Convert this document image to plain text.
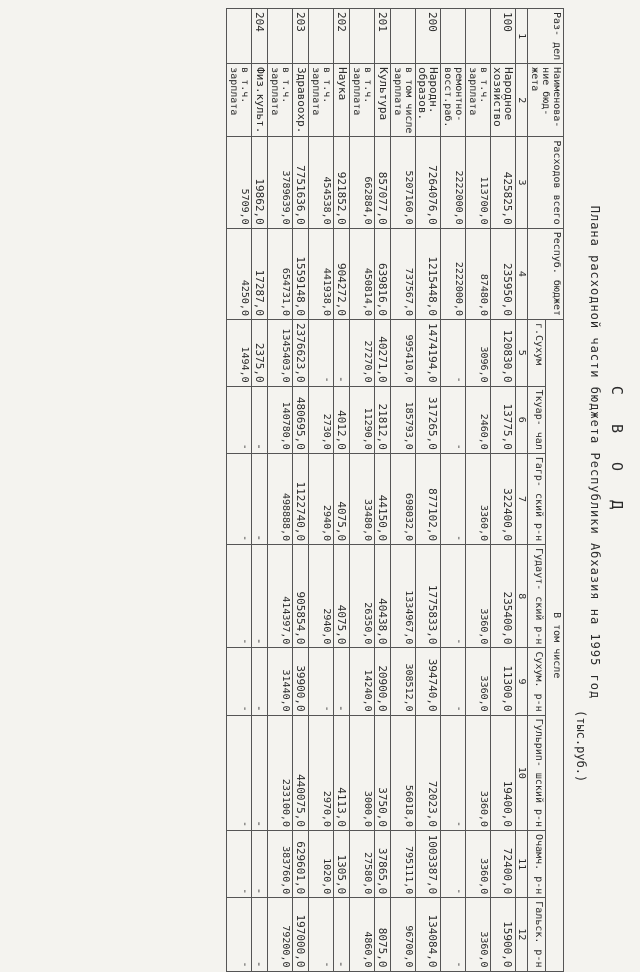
С В О Д
Плана расходной части бюджета Республики Абхазия на 1995 год
(тыс.руб.)
Раз- дел	Наименова- ние бюд- жета	Расходов всего	Респуб. бюджет	В том числе							
				г.Сухум	Ткуар- чал	Гагр- ский р-н	Гудаут- ский р-н	Сухум. р-н	Гульрип- шский р-н	Очамч. р-н	Гальск. р-н
1	2	3	4	5	6	7	8	9	10	11	12
100	Народное хозяйство	425825,0	235950,0	120830,0	13775,0	322400,0	235400,0	11300,0	19400,0	72400,0	15900,0
	в т.ч. зарплата	113700,0	87480,0	3096,0	2460,0	3360,0	3360,0	3360,0	3360,0	3360,0	3360,0
	ремонтно- восст.раб.	2222000,0	2222000,0	-	-	-	-	-	-	-	-
200	Народн. образов.	7264076,0	1215448,0	1474194,0	317265,0	877102,0	1775833,0	394740,0	72023,0	1003387,0	134084,0
	в том числе зарплата	5207160,0	737567,0	995410,0	185793,0	698032,0	1334967,0	308512,0	56018,0	795111,0	96700,0
201	Культура	857077,0	639816,0	40271,0	21812,0	44150,0	40438,0	20900,0	3750,0	37865,0	8075,0
	в т.ч. зарплата	662884,0	450814,0	27270,0	11290,0	33480,0	26350,0	14240,0	3000,0	27580,0	4860,0
202	Наука	921852,0	904272,0	-	4012,0	4075,0	4075,0	-	4113,0	1305,0	-
	в т.ч. зарплата	454538,0	441938,0	-	2730,0	2940,0	2940,0	-	2970,0	1020,0	-
203	Здравоохр.	7751636,0	1559148,0	2376623,0	480695,0	1122740,0	905854,0	39900,0	440075,0	629601,0	197000,0
	в т.ч. зарплата	3789639,0	654731,0	1345403,0	140780,0	498888,0	414397,0	31440,0	233100,0	383760,0	79200,0
204	Физ.культ.	19862,0	17287,0	2375,0	-	-	-	-	-	-	-
	в т.ч. зарплата	5709,0	4250,0	1494,0	-	-	-	-	-	-	-
